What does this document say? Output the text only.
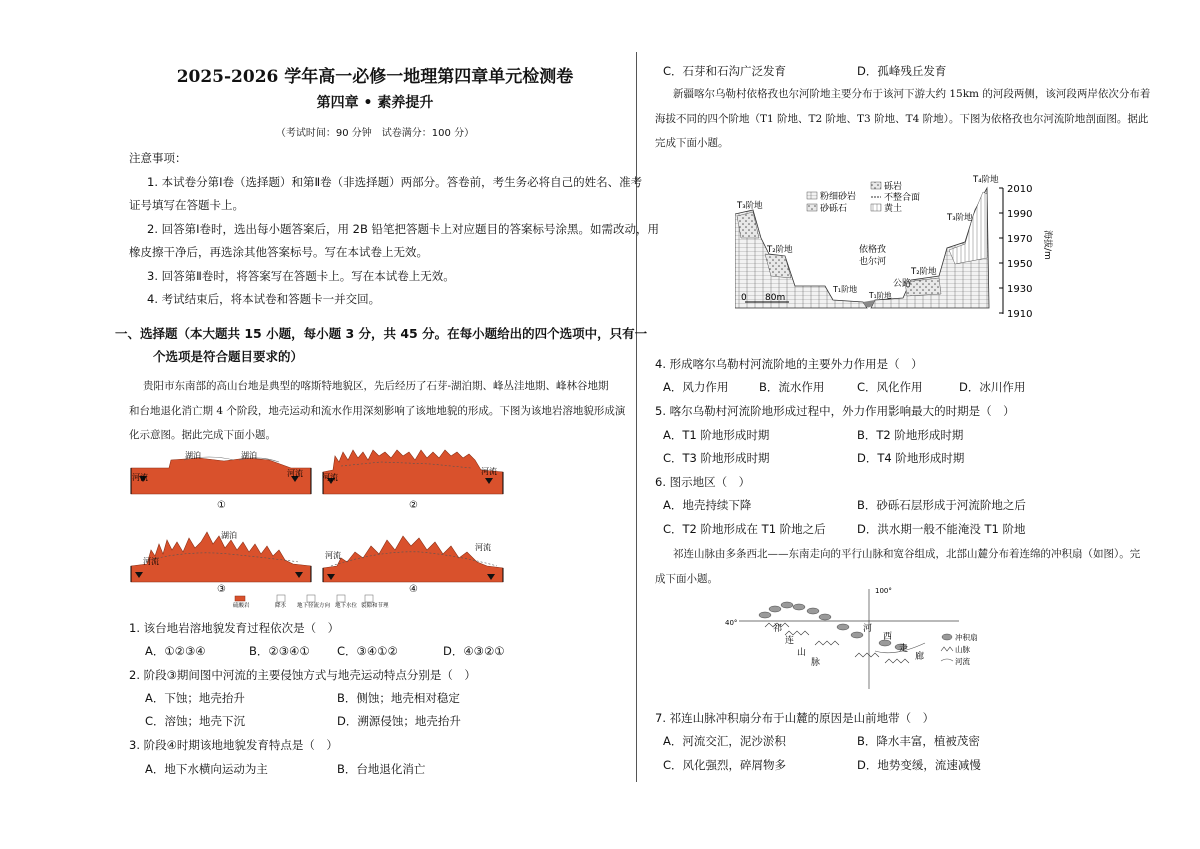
2025-2026 学年高一必修一地理第四章单元检测卷
第四章 • 素养提升
（考试时间：90 分钟　试卷满分：100 分）
注意事项：
1. 本试卷分第Ⅰ卷（选择题）和第Ⅱ卷（非选择题）两部分。答卷前，考生务必将自己的姓名、准考
证号填写在答题卡上。
2. 回答第Ⅰ卷时，选出每小题答案后，用 2B 铅笔把答题卡上对应题目的答案标号涂黑。如需改动，用
橡皮擦干净后，再选涂其他答案标号。写在本试卷上无效。
3. 回答第Ⅱ卷时，将答案写在答题卡上。写在本试卷上无效。
4. 考试结束后，将本试卷和答题卡一并交回。
一、选择题（本大题共 15 小题，每小题 3 分，共 45 分。在每小题给出的四个选项中，只有一
个选项是符合题目要求的）
贵阳市东南部的高山台地是典型的喀斯特地貌区，先后经历了石芽-湖泊期、峰丛洼地期、峰林谷地期
和台地退化消亡期 4 个阶段，地壳运动和流水作用深刻影响了该地地貌的形成。下图为该地岩溶地貌形成演
化示意图。据此完成下面小题。
河流
湖泊	湖泊
河流 河流
河流
湖泊
河流
河流
河流
①	②
③	④
硫酸岩	降水 地下径流方向 地下水位 裂隙和节理
1. 该台地岩溶地貌发育过程依次是（　）
A．①②③④	B．②③④① C．③④①②	D．④③②①
2. 阶段③期间图中河流的主要侵蚀方式与地壳运动特点分别是（　）
A．下蚀；地壳抬升	B．侧蚀；地壳相对稳定
C．溶蚀；地壳下沉	D．溯源侵蚀；地壳抬升
3. 阶段④时期该地地貌发育特点是（　）
A．地下水横向运动为主	B．台地退化消亡
C．石芽和石沟广泛发育	D．孤峰残丘发育
新疆喀尔乌勒村依格孜也尔河阶地主要分布于该河下游大约 15km 的河段两侧，该河段两岸依次分布着
海拔不同的四个阶地（T1 阶地、T2 阶地、T3 阶地、T4 阶地）。下图为依格孜也尔河流阶地剖面图。据此
完成下面小题。
粉细砂岩
砂砾石
砾岩
不整合面
黄土
T₃阶地
T₂阶地
T₁阶地
T₁阶地
T₂阶地
T₃阶地
T₄阶地
依格孜
也尔河
公路
0 80m
2010
1990
1970
1950
1930
1910
海拔/m
4. 形成喀尔乌勒村河流阶地的主要外力作用是（　）
A．风力作用	B．流水作用	C．风化作用	D．冰川作用
5. 喀尔乌勒村河流阶地形成过程中，外力作用影响最大的时期是（　）
A．T1 阶地形成时期	B．T2 阶地形成时期
C．T3 阶地形成时期	D．T4 阶地形成时期
6. 图示地区（　）
A．地壳持续下降	B．砂砾石层形成于河流阶地之后
C．T2 阶地形成在 T1 阶地之后	D．洪水期一般不能淹没 T1 阶地
祁连山脉由多条西北——东南走向的平行山脉和宽谷组成，北部山麓分布着连绵的冲积扇（如图）。完
成下面小题。
100°
40°
祁
连
山
脉
河
西
走
廊
冲积扇
山脉
河流
7. 祁连山脉冲积扇分布于山麓的原因是山前地带（　）
A．河流交汇，泥沙淤积	B．降水丰富，植被茂密
C．风化强烈，碎屑物多	D．地势变缓，流速减慢
